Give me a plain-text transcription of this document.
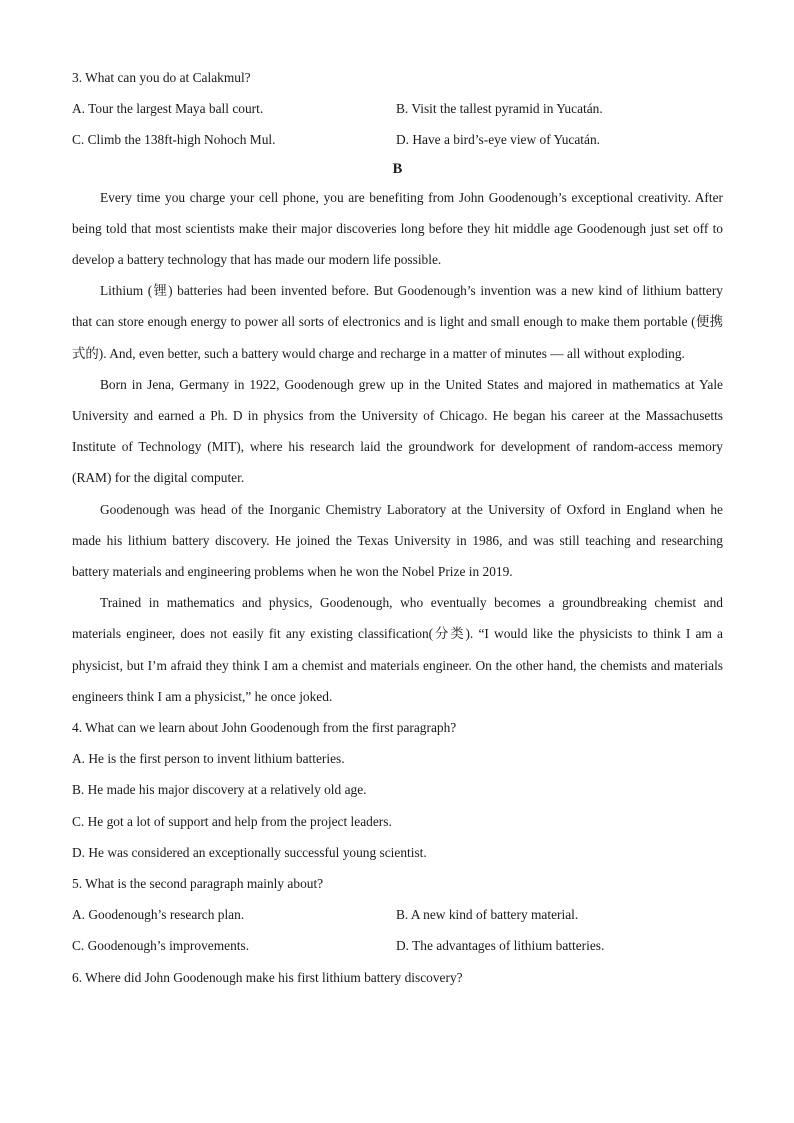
3. What can you do at Calakmul?
A. Tour the largest Maya ball court.	B. Visit the tallest pyramid in Yucatán.
C. Climb the 138ft-high Nohoch Mul.	D. Have a bird’s-eye view of Yucatán.
B

Every time you charge your cell phone, you are benefiting from John Goodenough’s exceptional creativity. After being told that most scientists make their major discoveries long before they hit middle age Goodenough just set off to develop a battery technology that has made our modern life possible.

Lithium (锂) batteries had been invented before. But Goodenough’s invention was a new kind of lithium battery that can store enough energy to power all sorts of electronics and is light and small enough to make them portable (便携式的). And, even better, such a battery would charge and recharge in a matter of minutes — all without exploding.

Born in Jena, Germany in 1922, Goodenough grew up in the United States and majored in mathematics at Yale University and earned a Ph. D in physics from the University of Chicago. He began his career at the Massachusetts Institute of Technology (MIT), where his research laid the groundwork for development of random-access memory (RAM) for the digital computer.

Goodenough was head of the Inorganic Chemistry Laboratory at the University of Oxford in England when he made his lithium battery discovery. He joined the Texas University in 1986, and was still teaching and researching battery materials and engineering problems when he won the Nobel Prize in 2019.

Trained in mathematics and physics, Goodenough, who eventually becomes a groundbreaking chemist and materials engineer, does not easily fit any existing classification(分类). “I would like the physicists to think I am a physicist, but I’m afraid they think I am a chemist and materials engineer. On the other hand, the chemists and materials engineers think I am a physicist,” he once joked.

4. What can we learn about John Goodenough from the first paragraph?
A. He is the first person to invent lithium batteries.
B. He made his major discovery at a relatively old age.
C. He got a lot of support and help from the project leaders.
D. He was considered an exceptionally successful young scientist.
5. What is the second paragraph mainly about?
A. Goodenough’s research plan.	B. A new kind of battery material.
C. Goodenough’s improvements.	D. The advantages of lithium batteries.
6. Where did John Goodenough make his first lithium battery discovery?
